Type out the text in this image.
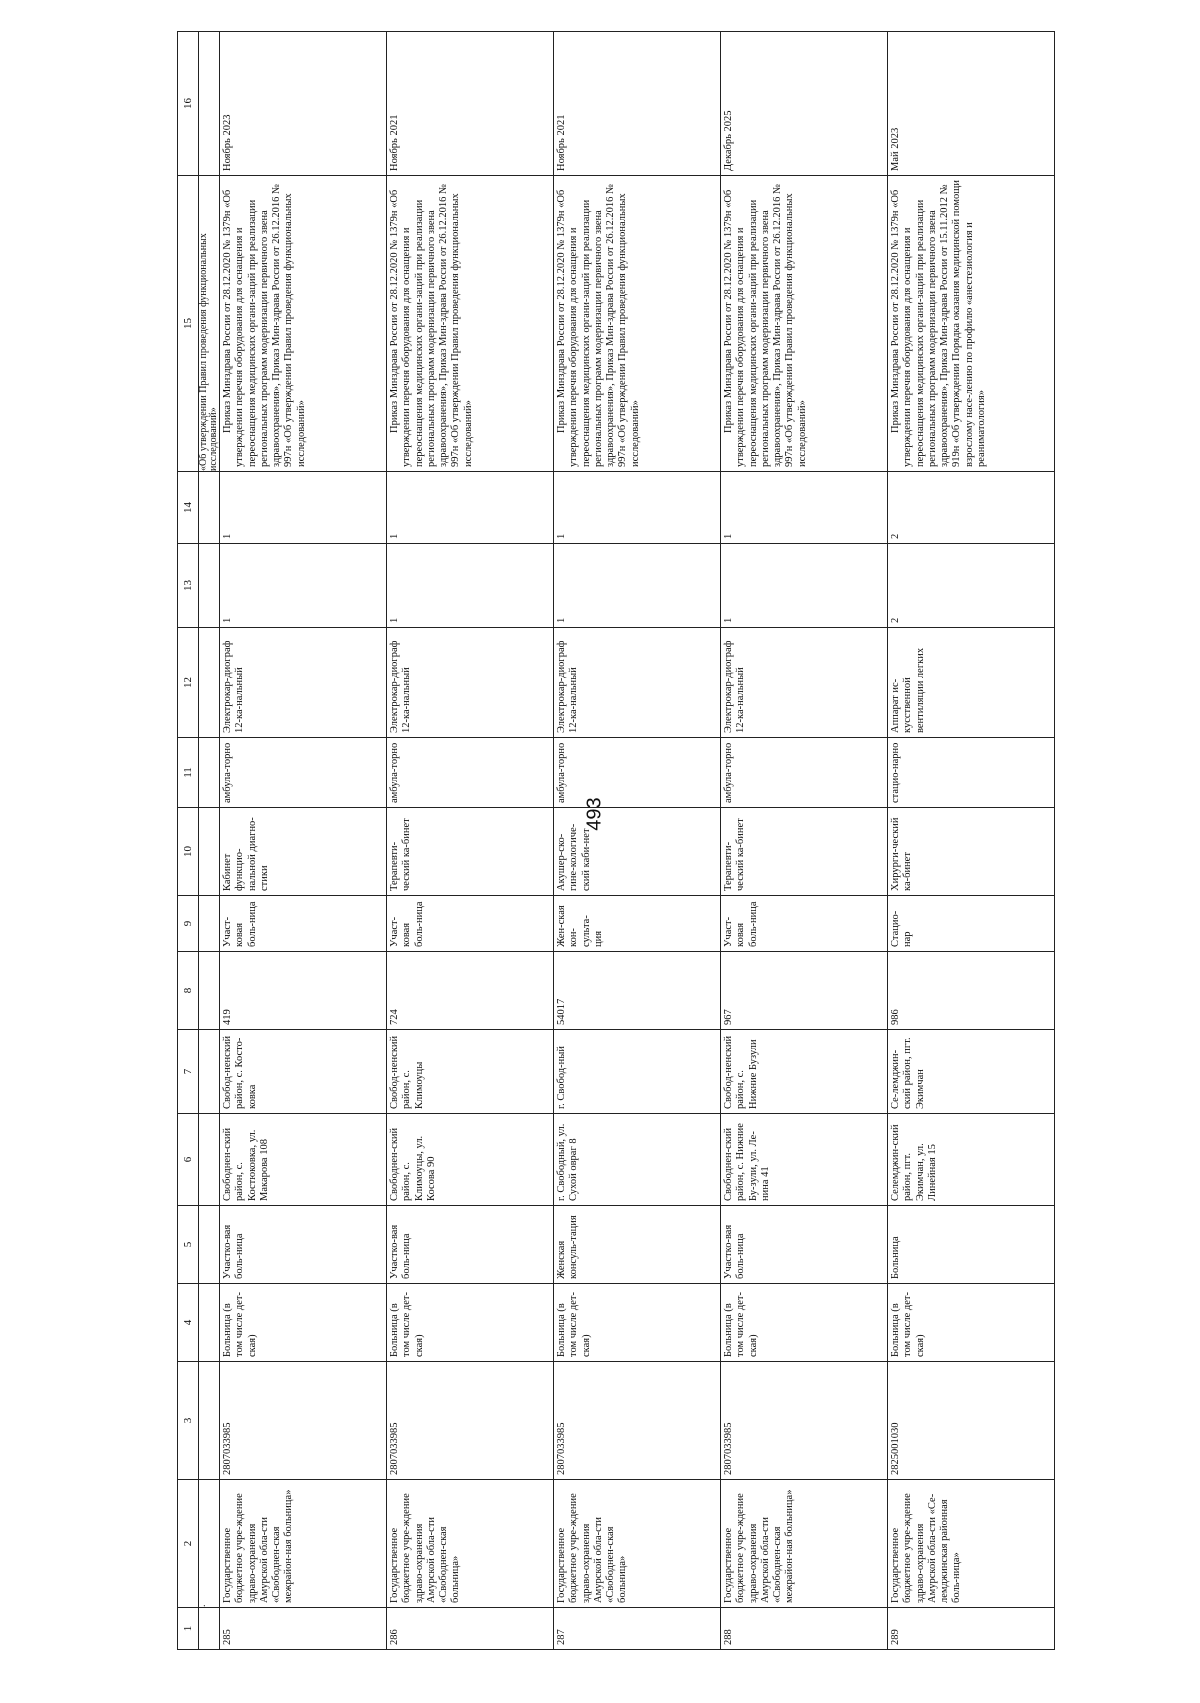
493
1	2	3	4	5	6	7	8	9	10	11	12	13	14	15	16
	.													«Об утверждении Правил проведения функциональных исследований»	
285	Государственное бюджетное учре-ждение здраво-охранения Амурской обла-сти «Свободнен-ская межрайон-ная больница»	2807033985	Больница (в том числе дет-ская)	Участко-вая боль-ница	Свободнен-ский район, с. Костюковка, ул. Макарова 108	Свобод-ненский район, с. Косто-ковка	419	Участ-ковая боль-ница	Кабинет функцио-нальной диагно-стики	амбула-торно	Электрокар-диограф 12-ка-нальный	1	1	Приказ Минздрава России от 28.12.2020 № 1379н «Об утверждении перечня оборудования для оснащения и переоснащения медицинских органи-заций при реализации региональных программ модернизации первичного звена здравоохранения», Приказ Мин-здрава России от 26.12.2016 № 997н «Об утверждении Правил проведения функциональных исследований»	Ноябрь 2023
286	Государственное бюджетное учре-ждение здраво-охранения Амурской обла-сти «Свободнен-ская больница»	2807033985	Больница (в том числе дет-ская)	Участко-вая боль-ница	Свободнен-ский район, с. Климоуцы, ул. Косова 90	Свобод-ненский район, с. Климоуцы	724	Участ-ковая боль-ница	Терапевти-ческий ка-бинет	амбула-торно	Электрокар-диограф 12-ка-нальный	1	1	Приказ Минздрава России от 28.12.2020 № 1379н «Об утверждении перечня оборудования для оснащения и переоснащения медицинских органи-заций при реализации региональных программ модернизации первичного звена здравоохранения», Приказ Мин-здрава России от 26.12.2016 № 997н «Об утверждении Правил проведения функциональных исследований»	Ноябрь 2021
287	Государственное бюджетное учре-ждение здраво-охранения Амурской обла-сти «Свободнен-ская больница»	2807033985	Больница (в том числе дет-ская)	Женская консуль-тация	г. Свободный, ул. Сухой овраг 8	г. Свобод-ный	54017	Жен-ская кон-сульта-ция	Акушер-ско-гине-кологиче-ский каби-нет	амбула-торно	Электрокар-диограф 12-ка-нальный	1	1	Приказ Минздрава России от 28.12.2020 № 1379н «Об утверждении перечня оборудования для оснащения и переоснащения медицинских органи-заций при реализации региональных программ модернизации первичного звена здравоохранения», Приказ Мин-здрава России от 26.12.2016 № 997н «Об утверждении Правил проведения функциональных исследований»	Ноябрь 2021
288	Государственное бюджетное учре-ждение здраво-охранения Амурской обла-сти «Свободнен-ская межрайон-ная больница»	2807033985	Больница (в том числе дет-ская)	Участко-вая боль-ница	Свободнен-ский район, с. Нижние Бу-зули, ул. Ле-нина 41	Свобод-ненский район, с. Нижние Бузули	967	Участ-ковая боль-ница	Терапевти-ческий ка-бинет	амбула-торно	Электрокар-диограф 12-ка-нальный	1	1	Приказ Минздрава России от 28.12.2020 № 1379н «Об утверждении перечня оборудования для оснащения и переоснащения медицинских органи-заций при реализации региональных программ модернизации первичного звена здравоохранения», Приказ Мин-здрава России от 26.12.2016 № 997н «Об утверждении Правил проведения функциональных исследований»	Декабрь 2025
289	Государственное бюджетное учре-ждение здраво-охранения Амурской обла-сти «Се-лемджинская районная боль-ница»	2825001030	Больница (в том числе дет-ская)	Больница	Селемджин-ский район, пгт. Экимчан, ул. Линейная 15	Се-лемджин-ский район, пгт. Экимчан	986	Стацио-нар	Хирурги-ческий ка-бинет	стацио-нарно	Аппарат ис-кусственной вентиляции легких	2	2	Приказ Минздрава России от 28.12.2020 № 1379н «Об утверждении перечня оборудования для оснащения и переоснащения медицинских органи-заций при реализации региональных программ модернизации первичного звена здравоохранения», Приказ Мин-здрава России от 15.11.2012 № 919н «Об утверждении Порядка оказания медицинской помощи взрослому насе-лению по профилю «анестезиология и реаниматология»	Май 2023
